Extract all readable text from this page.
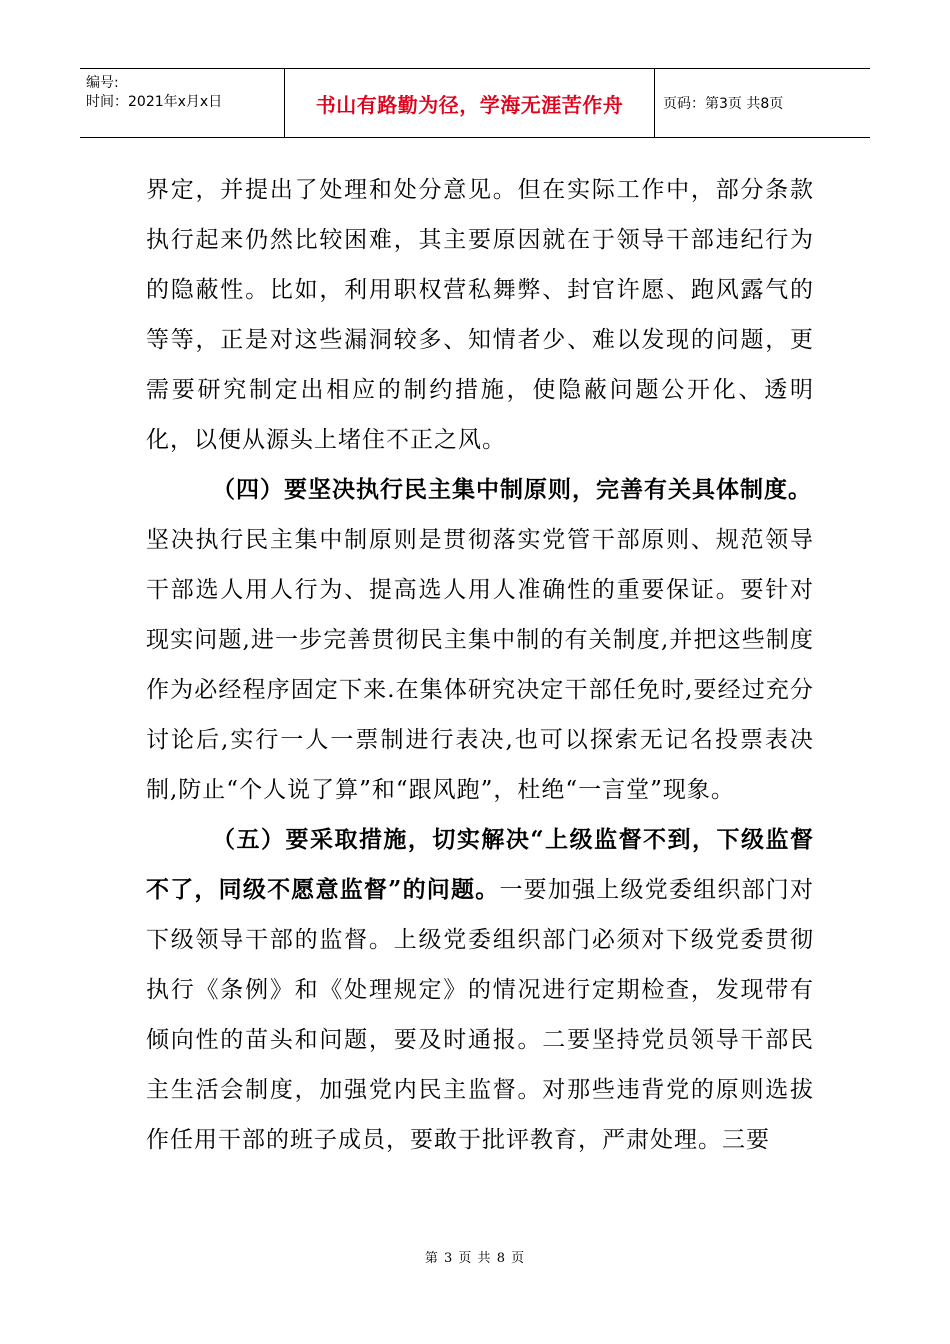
编号:
时间：2021年x月x日	书山有路勤为径，学海无涯苦作舟	页码：第3页 共8页

界定，并提出了处理和处分意见。但在实际工作中，部分条款执行起来仍然比较困难，其主要原因就在于领导干部违纪行为的隐蔽性。比如，利用职权营私舞弊、封官许愿、跑风露气的等等，正是对这些漏洞较多、知情者少、难以发现的问题，更需要研究制定出相应的制约措施，使隐蔽问题公开化、透明化，以便从源头上堵住不正之风。

（四）要坚决执行民主集中制原则，完善有关具体制度。

坚决执行民主集中制原则是贯彻落实党管干部原则、规范领导干部选人用人行为、提高选人用人准确性的重要保证。要针对现实问题,进一步完善贯彻民主集中制的有关制度,并把这些制度作为必经程序固定下来.在集体研究决定干部任免时,要经过充分讨论后,实行一人一票制进行表决,也可以探索无记名投票表决制,防止“个人说了算”和“跟风跑”，杜绝“一言堂”现象。

（五）要采取措施，切实解决“上级监督不到，下级监督不了，同级不愿意监督”的问题。一要加强上级党委组织部门对下级领导干部的监督。上级党委组织部门必须对下级党委贯彻执行《条例》和《处理规定》的情况进行定期检查，发现带有倾向性的苗头和问题，要及时通报。二要坚持党员领导干部民主生活会制度，加强党内民主监督。对那些违背党的原则选拔作任用干部的班子成员，要敢于批评教育，严肃处理。三要

第 3 页 共 8 页
